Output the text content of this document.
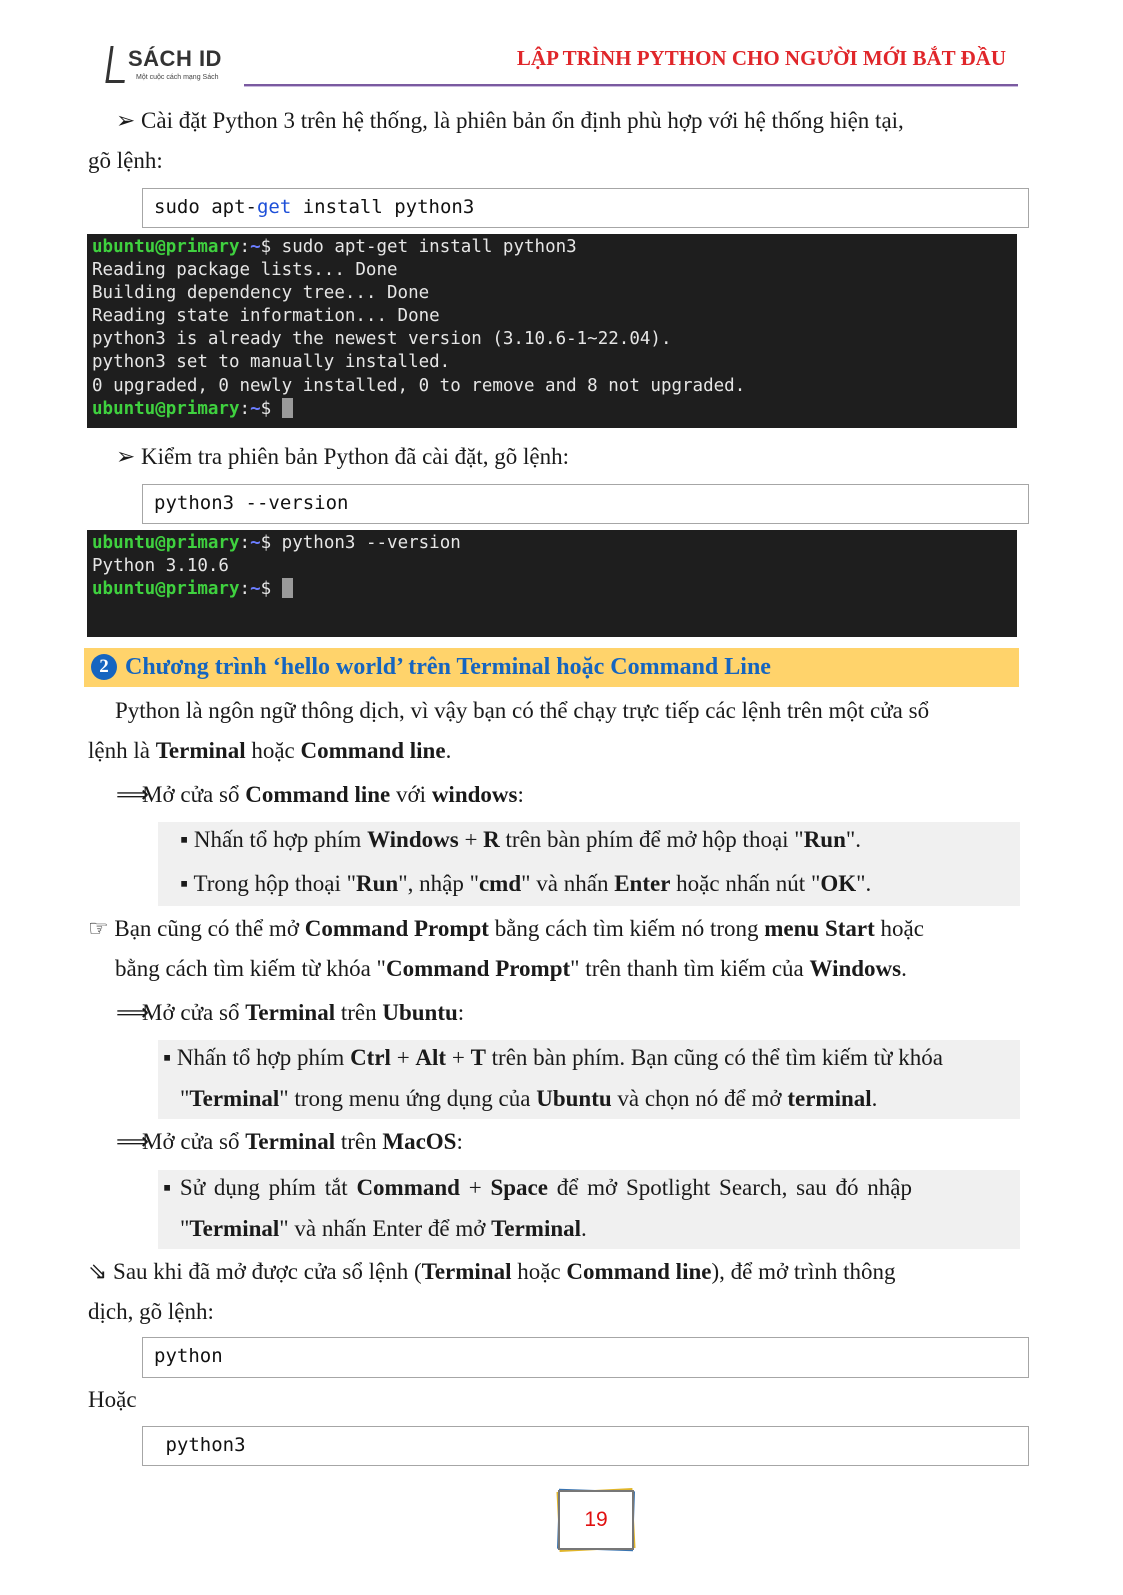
SÁCH ID
Một cuộc cách mạng Sách
LẬP TRÌNH PYTHON CHO NGƯỜI MỚI BẮT ĐẦU
➢ Cài đặt Python 3 trên hệ thống, là phiên bản ổn định phù hợp với hệ thống hiện tại,
gõ lệnh:
sudo apt-get install python3
ubuntu@primary:~$ sudo apt-get install python3
Reading package lists... Done
Building dependency tree... Done
Reading state information... Done
python3 is already the newest version (3.10.6-1~22.04).
python3 set to manually installed.
0 upgraded, 0 newly installed, 0 to remove and 8 not upgraded.
ubuntu@primary:~$
➢ Kiểm tra phiên bản Python đã cài đặt, gõ lệnh:
python3 --version
ubuntu@primary:~$ python3 --version
Python 3.10.6
ubuntu@primary:~$
2 Chương trình ‘hello world’ trên Terminal hoặc Command Line
Python là ngôn ngữ thông dịch, vì vậy bạn có thể chạy trực tiếp các lệnh trên một cửa sổ
lệnh là Terminal hoặc Command line.
⟹Mở cửa sổ Command line với windows:
▪ Nhấn tổ hợp phím Windows + R trên bàn phím để mở hộp thoại "Run".
▪ Trong hộp thoại "Run", nhập "cmd" và nhấn Enter hoặc nhấn nút "OK".
☞ Bạn cũng có thể mở Command Prompt bằng cách tìm kiếm nó trong menu Start hoặc
bằng cách tìm kiếm từ khóa "Command Prompt" trên thanh tìm kiếm của Windows.
⟹Mở cửa sổ Terminal trên Ubuntu:
▪ Nhấn tổ hợp phím Ctrl + Alt + T trên bàn phím. Bạn cũng có thể tìm kiếm từ khóa
"Terminal" trong menu ứng dụng của Ubuntu và chọn nó để mở terminal.
⟹Mở cửa sổ Terminal trên MacOS:
▪ Sử dụng phím tắt Command + Space để mở Spotlight Search, sau đó nhập
"Terminal" và nhấn Enter để mở Terminal.
⇘ Sau khi đã mở được cửa sổ lệnh (Terminal hoặc Command line), để mở trình thông
dịch, gõ lệnh:
python
Hoặc
python3
19
